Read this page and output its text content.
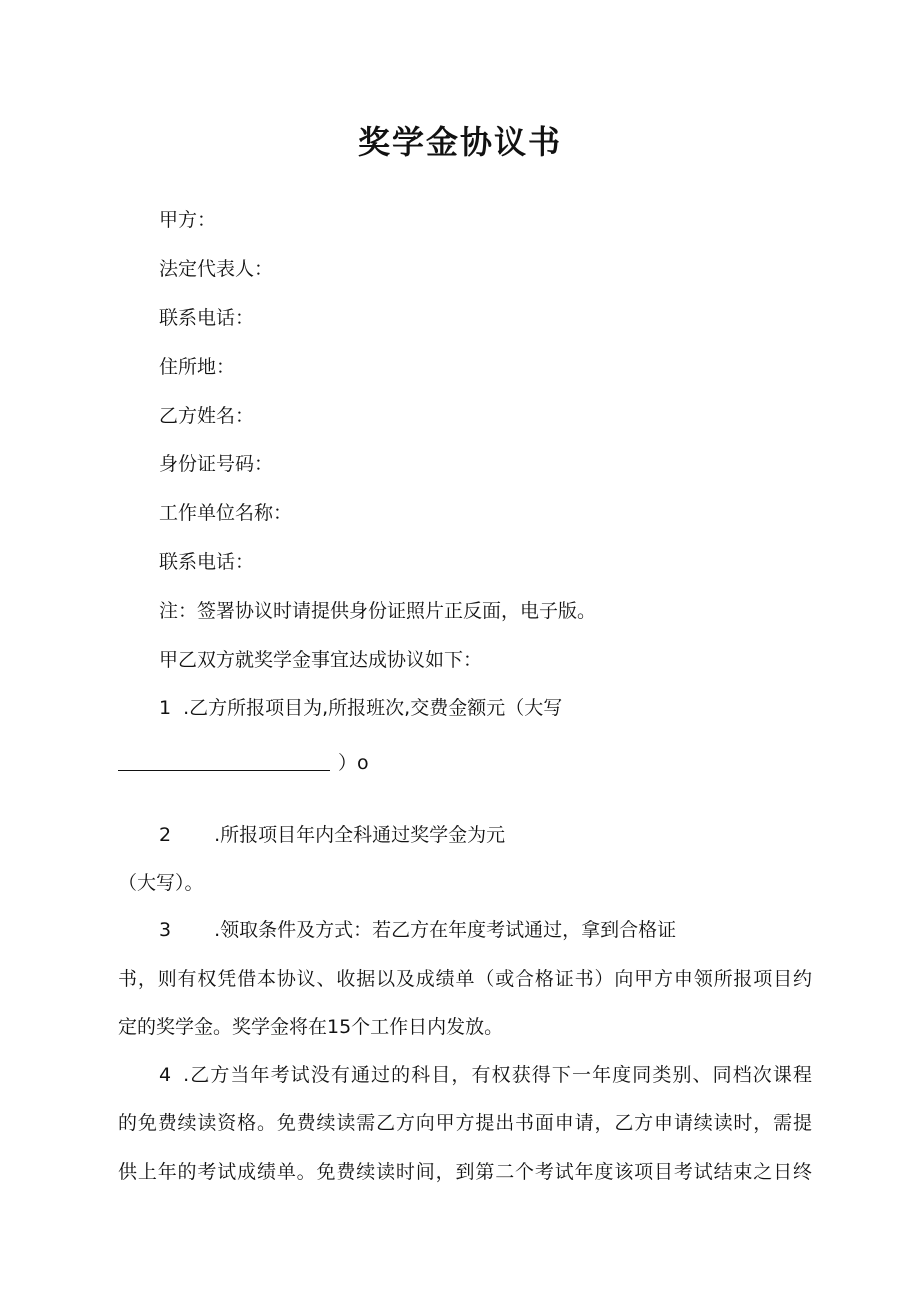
奖学金协议书

甲方：

法定代表人：

联系电话：

住所地：

乙方姓名：

身份证号码：

工作单位名称：

联系电话：

注：签署协议时请提供身份证照片正反面，电子版。

甲乙双方就奖学金事宜达成协议如下：

1 .乙方所报项目为,所报班次,交费金额元（大写

）o

2 .所报项目年内全科通过奖学金为元

（大写）。

3 .领取条件及方式：若乙方在年度考试通过，拿到合格证

书，则有权凭借本协议、收据以及成绩单（或合格证书）向甲方申领所报项目约

定的奖学金。奖学金将在15个工作日内发放。

4 .乙方当年考试没有通过的科目，有权获得下一年度同类别、同档次课程

的免费续读资格。免费续读需乙方向甲方提出书面申请，乙方申请续读时，需提

供上年的考试成绩单。免费续读时间，到第二个考试年度该项目考试结束之日终
